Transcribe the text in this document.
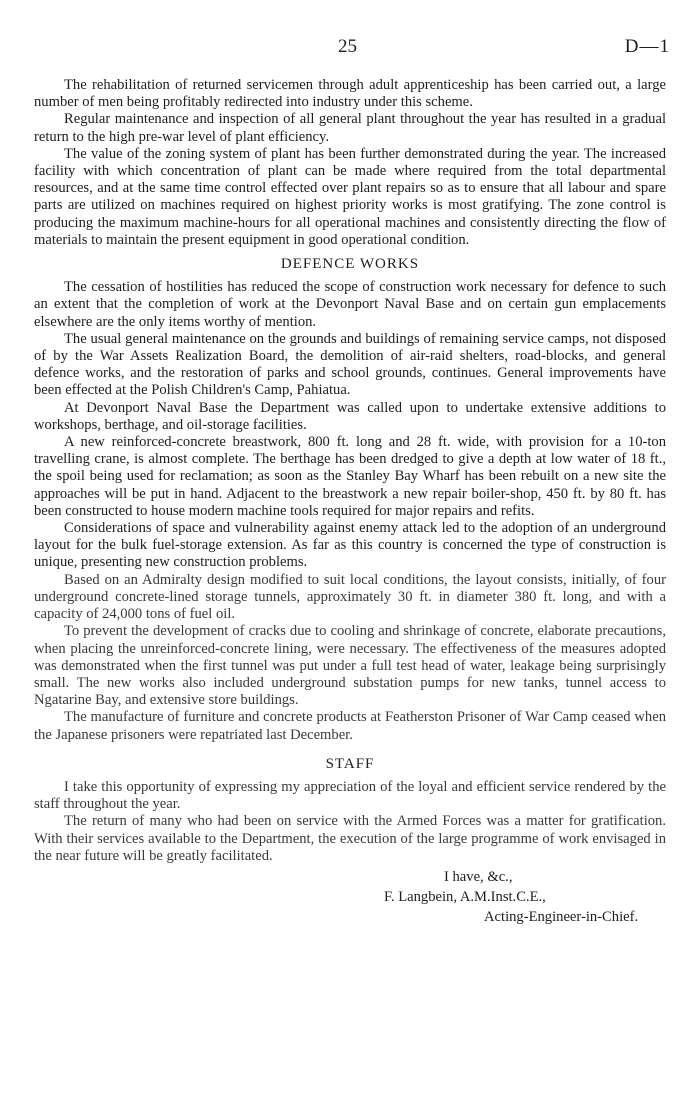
25	D—1

The rehabilitation of returned servicemen through adult apprenticeship has been carried out, a large number of men being profitably redirected into industry under this scheme.

Regular maintenance and inspection of all general plant throughout the year has resulted in a gradual return to the high pre-war level of plant efficiency.

The value of the zoning system of plant has been further demonstrated during the year. The increased facility with which concentration of plant can be made where required from the total departmental resources, and at the same time control effected over plant repairs so as to ensure that all labour and spare parts are utilized on machines required on highest priority works is most gratifying. The zone control is producing the maximum machine-hours for all operational machines and consistently directing the flow of materials to maintain the present equipment in good operational condition.

DEFENCE WORKS

The cessation of hostilities has reduced the scope of construction work necessary for defence to such an extent that the completion of work at the Devonport Naval Base and on certain gun emplacements elsewhere are the only items worthy of mention.

The usual general maintenance on the grounds and buildings of remaining service camps, not disposed of by the War Assets Realization Board, the demolition of air-raid shelters, road-blocks, and general defence works, and the restoration of parks and school grounds, continues. General improvements have been effected at the Polish Children's Camp, Pahiatua.

At Devonport Naval Base the Department was called upon to undertake extensive additions to workshops, berthage, and oil-storage facilities.

A new reinforced-concrete breastwork, 800 ft. long and 28 ft. wide, with provision for a 10-ton travelling crane, is almost complete. The berthage has been dredged to give a depth at low water of 18 ft., the spoil being used for reclamation; as soon as the Stanley Bay Wharf has been rebuilt on a new site the approaches will be put in hand. Adjacent to the breastwork a new repair boiler-shop, 450 ft. by 80 ft. has been constructed to house modern machine tools required for major repairs and refits.

Considerations of space and vulnerability against enemy attack led to the adoption of an underground layout for the bulk fuel-storage extension. As far as this country is concerned the type of construction is unique, presenting new construction problems.

Based on an Admiralty design modified to suit local conditions, the layout consists, initially, of four underground concrete-lined storage tunnels, approximately 30 ft. in diameter 380 ft. long, and with a capacity of 24,000 tons of fuel oil.

To prevent the development of cracks due to cooling and shrinkage of concrete, elaborate precautions, when placing the unreinforced-concrete lining, were necessary. The effectiveness of the measures adopted was demonstrated when the first tunnel was put under a full test head of water, leakage being surprisingly small. The new works also included underground substation pumps for new tanks, tunnel access to Ngatarine Bay, and extensive store buildings.

The manufacture of furniture and concrete products at Featherston Prisoner of War Camp ceased when the Japanese prisoners were repatriated last December.

STAFF

I take this opportunity of expressing my appreciation of the loyal and efficient service rendered by the staff throughout the year.

The return of many who had been on service with the Armed Forces was a matter for gratification. With their services available to the Department, the execution of the large programme of work envisaged in the near future will be greatly facilitated.

I have, &c.,
F. Langbein, A.M.Inst.C.E.,
Acting-Engineer-in-Chief.
